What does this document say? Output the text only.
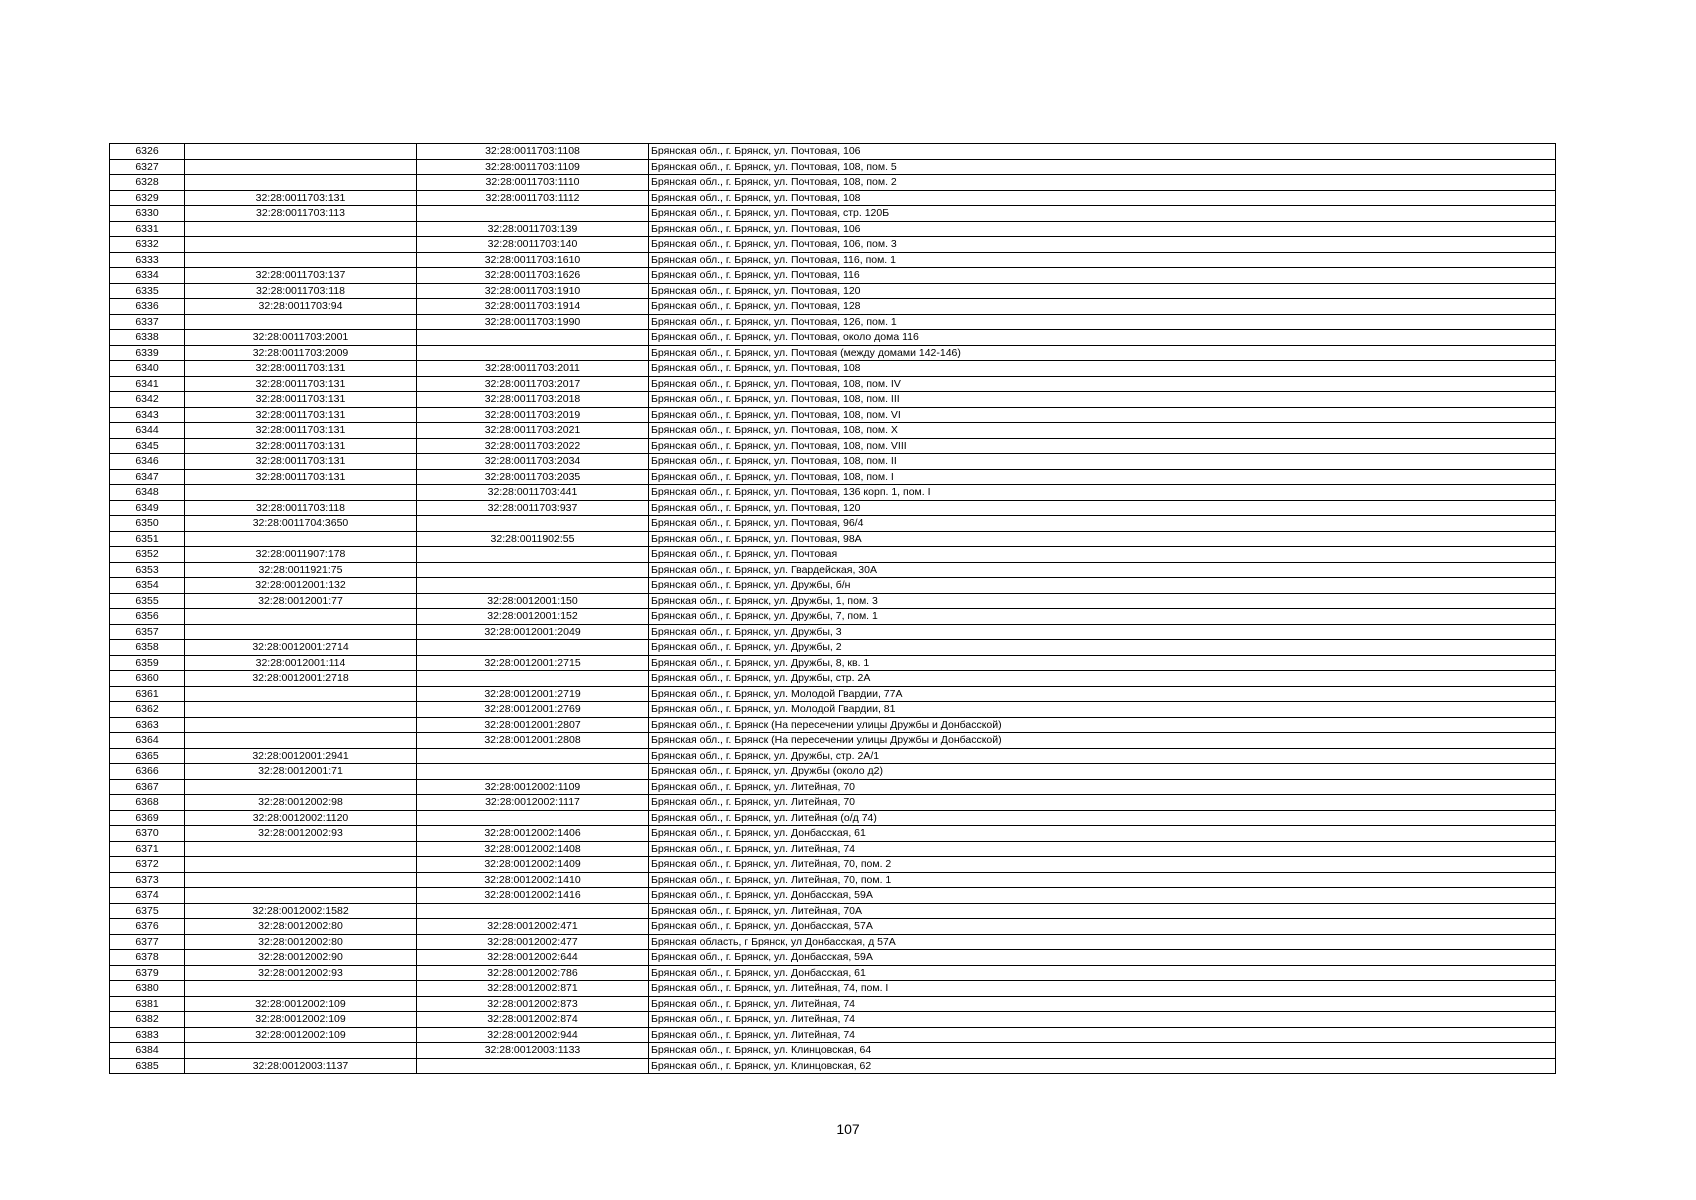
6326		32:28:0011703:1108	Брянская обл., г. Брянск, ул. Почтовая, 106
6327		32:28:0011703:1109	Брянская обл., г. Брянск, ул. Почтовая, 108, пом. 5
6328		32:28:0011703:1110	Брянская обл., г. Брянск, ул. Почтовая, 108, пом. 2
6329	32:28:0011703:131	32:28:0011703:1112	Брянская обл., г. Брянск, ул. Почтовая, 108
6330	32:28:0011703:113		Брянская обл., г. Брянск, ул. Почтовая, стр. 120Б
6331		32:28:0011703:139	Брянская обл., г. Брянск, ул. Почтовая, 106
6332		32:28:0011703:140	Брянская обл., г. Брянск, ул. Почтовая, 106, пом. 3
6333		32:28:0011703:1610	Брянская обл., г. Брянск, ул. Почтовая, 116, пом. 1
6334	32:28:0011703:137	32:28:0011703:1626	Брянская обл., г. Брянск, ул. Почтовая, 116
6335	32:28:0011703:118	32:28:0011703:1910	Брянская обл., г. Брянск, ул. Почтовая, 120
6336	32:28:0011703:94	32:28:0011703:1914	Брянская обл., г. Брянск, ул. Почтовая, 128
6337		32:28:0011703:1990	Брянская обл., г. Брянск, ул. Почтовая, 126, пом. 1
6338	32:28:0011703:2001		Брянская обл., г. Брянск, ул. Почтовая, около дома 116
6339	32:28:0011703:2009		Брянская обл., г. Брянск, ул. Почтовая (между домами 142-146)
6340	32:28:0011703:131	32:28:0011703:2011	Брянская обл., г. Брянск, ул. Почтовая, 108
6341	32:28:0011703:131	32:28:0011703:2017	Брянская обл., г. Брянск, ул. Почтовая, 108, пом. IV
6342	32:28:0011703:131	32:28:0011703:2018	Брянская обл., г. Брянск, ул. Почтовая, 108, пом. III
6343	32:28:0011703:131	32:28:0011703:2019	Брянская обл., г. Брянск, ул. Почтовая, 108, пом. VI
6344	32:28:0011703:131	32:28:0011703:2021	Брянская обл., г. Брянск, ул. Почтовая, 108, пом. X
6345	32:28:0011703:131	32:28:0011703:2022	Брянская обл., г. Брянск, ул. Почтовая, 108, пом. VIII
6346	32:28:0011703:131	32:28:0011703:2034	Брянская обл., г. Брянск, ул. Почтовая, 108, пом. II
6347	32:28:0011703:131	32:28:0011703:2035	Брянская обл., г. Брянск, ул. Почтовая, 108, пом. I
6348		32:28:0011703:441	Брянская обл., г. Брянск, ул. Почтовая, 136 корп. 1, пом. I
6349	32:28:0011703:118	32:28:0011703:937	Брянская обл., г. Брянск, ул. Почтовая, 120
6350	32:28:0011704:3650		Брянская обл., г. Брянск, ул. Почтовая, 96/4
6351		32:28:0011902:55	Брянская обл., г. Брянск, ул. Почтовая, 98А
6352	32:28:0011907:178		Брянская обл., г. Брянск, ул. Почтовая
6353	32:28:0011921:75		Брянская обл., г. Брянск, ул. Гвардейская, 30А
6354	32:28:0012001:132		Брянская обл., г. Брянск, ул. Дружбы, б/н
6355	32:28:0012001:77	32:28:0012001:150	Брянская обл., г. Брянск, ул. Дружбы, 1, пом. 3
6356		32:28:0012001:152	Брянская обл., г. Брянск, ул. Дружбы, 7, пом. 1
6357		32:28:0012001:2049	Брянская обл., г. Брянск, ул. Дружбы, 3
6358	32:28:0012001:2714		Брянская обл., г. Брянск, ул. Дружбы, 2
6359	32:28:0012001:114	32:28:0012001:2715	Брянская обл., г. Брянск, ул. Дружбы, 8, кв. 1
6360	32:28:0012001:2718		Брянская обл., г. Брянск, ул. Дружбы, стр. 2А
6361		32:28:0012001:2719	Брянская обл., г. Брянск, ул. Молодой Гвардии, 77А
6362		32:28:0012001:2769	Брянская обл., г. Брянск, ул. Молодой Гвардии, 81
6363		32:28:0012001:2807	Брянская обл., г. Брянск (На пересечении улицы Дружбы и Донбасской)
6364		32:28:0012001:2808	Брянская обл., г. Брянск (На пересечении улицы Дружбы и Донбасской)
6365	32:28:0012001:2941		Брянская обл., г. Брянск, ул. Дружбы, стр. 2А/1
6366	32:28:0012001:71		Брянская обл., г. Брянск, ул. Дружбы (около д2)
6367		32:28:0012002:1109	Брянская обл., г. Брянск, ул. Литейная, 70
6368	32:28:0012002:98	32:28:0012002:1117	Брянская обл., г. Брянск, ул. Литейная, 70
6369	32:28:0012002:1120		Брянская обл., г. Брянск, ул. Литейная (о/д 74)
6370	32:28:0012002:93	32:28:0012002:1406	Брянская обл., г. Брянск, ул. Донбасская, 61
6371		32:28:0012002:1408	Брянская обл., г. Брянск, ул. Литейная, 74
6372		32:28:0012002:1409	Брянская обл., г. Брянск, ул. Литейная, 70, пом. 2
6373		32:28:0012002:1410	Брянская обл., г. Брянск, ул. Литейная, 70, пом. 1
6374		32:28:0012002:1416	Брянская обл., г. Брянск, ул. Донбасская, 59А
6375	32:28:0012002:1582		Брянская обл., г. Брянск, ул. Литейная, 70А
6376	32:28:0012002:80	32:28:0012002:471	Брянская обл., г. Брянск, ул. Донбасская, 57А
6377	32:28:0012002:80	32:28:0012002:477	Брянская область, г Брянск, ул Донбасская, д 57А
6378	32:28:0012002:90	32:28:0012002:644	Брянская обл., г. Брянск, ул. Донбасская, 59А
6379	32:28:0012002:93	32:28:0012002:786	Брянская обл., г. Брянск, ул. Донбасская, 61
6380		32:28:0012002:871	Брянская обл., г. Брянск, ул. Литейная, 74, пом. I
6381	32:28:0012002:109	32:28:0012002:873	Брянская обл., г. Брянск, ул. Литейная, 74
6382	32:28:0012002:109	32:28:0012002:874	Брянская обл., г. Брянск, ул. Литейная, 74
6383	32:28:0012002:109	32:28:0012002:944	Брянская обл., г. Брянск, ул. Литейная, 74
6384		32:28:0012003:1133	Брянская обл., г. Брянск, ул. Клинцовская, 64
6385	32:28:0012003:1137		Брянская обл., г. Брянск, ул. Клинцовская, 62
107
